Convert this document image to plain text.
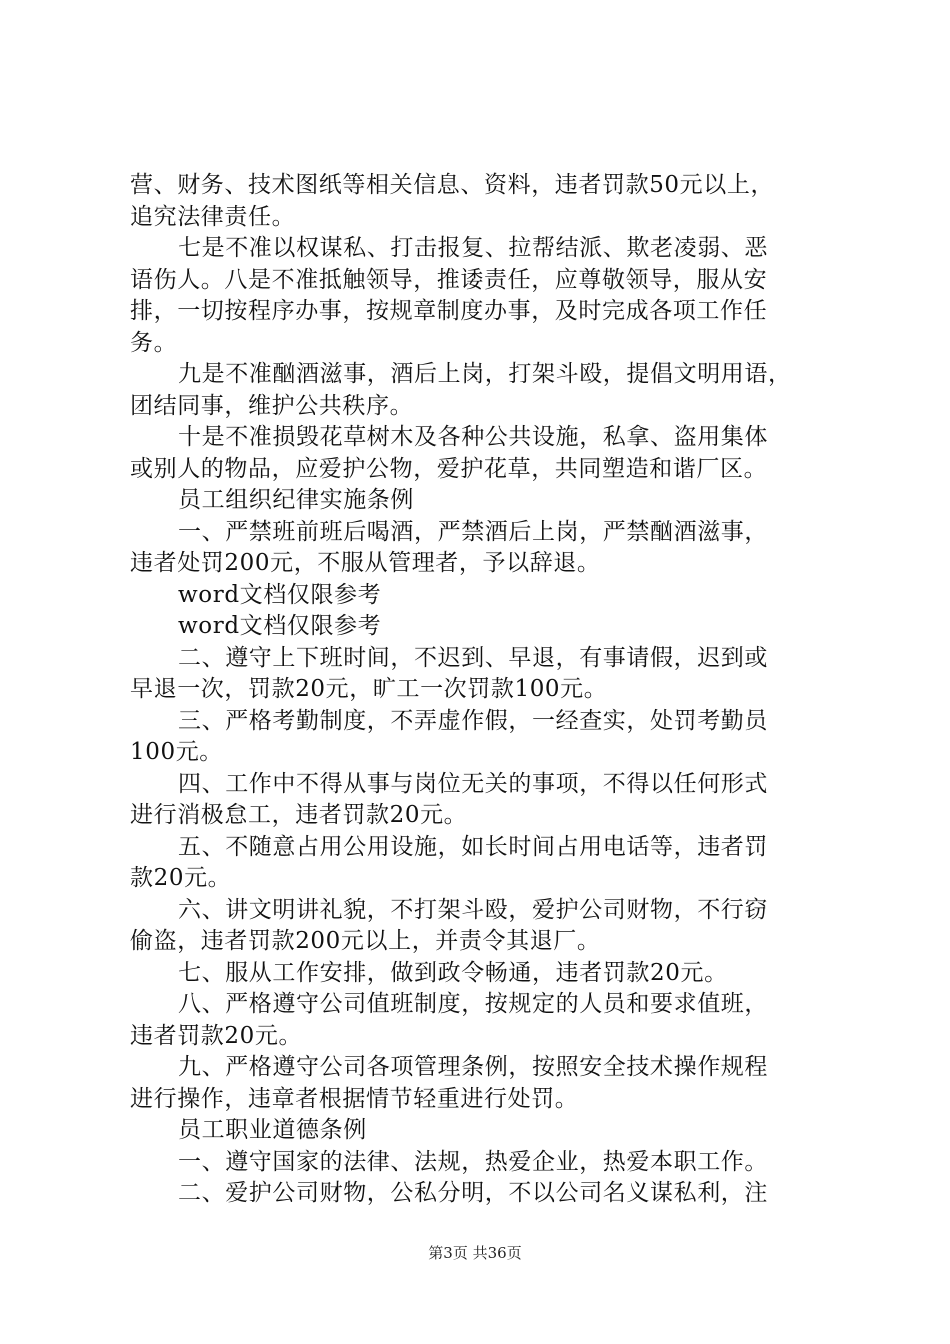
营、财务、技术图纸等相关信息、资料，违者罚款50元以上，
追究法律责任。
七是不准以权谋私、打击报复、拉帮结派、欺老凌弱、恶
语伤人。八是不准抵触领导，推诿责任，应尊敬领导，服从安
排，一切按程序办事，按规章制度办事，及时完成各项工作任
务。
九是不准酗酒滋事，酒后上岗，打架斗殴，提倡文明用语，
团结同事，维护公共秩序。
十是不准损毁花草树木及各种公共设施，私拿、盗用集体
或别人的物品，应爱护公物，爱护花草，共同塑造和谐厂区。
员工组织纪律实施条例
一、严禁班前班后喝酒，严禁酒后上岗，严禁酗酒滋事，
违者处罚200元，不服从管理者，予以辞退。
word文档仅限参考
word文档仅限参考
二、遵守上下班时间，不迟到、早退，有事请假，迟到或
早退一次，罚款20元，旷工一次罚款100元。
三、严格考勤制度，不弄虚作假，一经查实，处罚考勤员
100元。
四、工作中不得从事与岗位无关的事项，不得以任何形式
进行消极怠工，违者罚款20元。
五、不随意占用公用设施，如长时间占用电话等，违者罚
款20元。
六、讲文明讲礼貌，不打架斗殴，爱护公司财物，不行窃
偷盗，违者罚款200元以上，并责令其退厂。
七、服从工作安排，做到政令畅通，违者罚款20元。
八、严格遵守公司值班制度，按规定的人员和要求值班，
违者罚款20元。
九、严格遵守公司各项管理条例，按照安全技术操作规程
进行操作，违章者根据情节轻重进行处罚。
员工职业道德条例
一、遵守国家的法律、法规，热爱企业，热爱本职工作。
二、爱护公司财物，公私分明，不以公司名义谋私利，注
第3页 共36页
